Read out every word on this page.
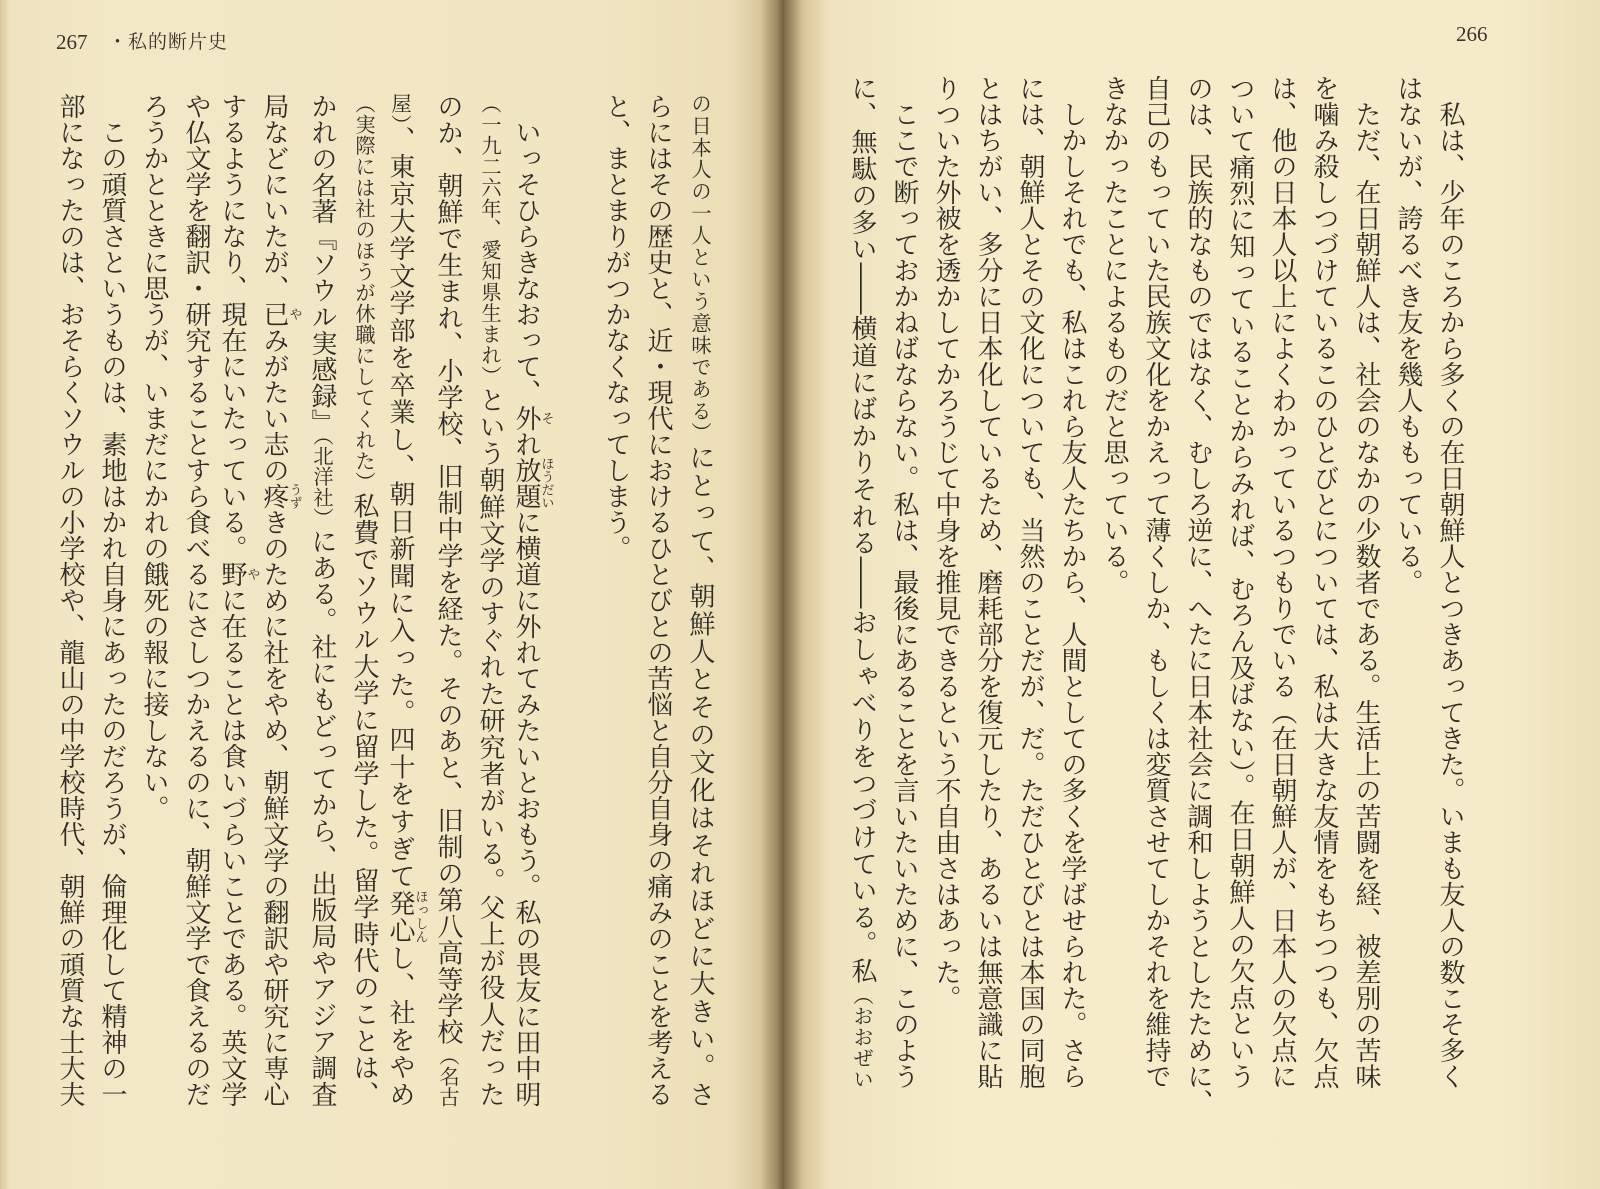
267 ・私的断片史	266
　私は、少年のころから多くの在日朝鮮人とつきあってきた。いまも友人の数こそ多く
はないが、誇るべき友を幾人ももっている。
　ただ、在日朝鮮人は、社会のなかの少数者である。生活上の苦闘を経、被差別の苦味
を噛み殺しつづけているこのひとびとについては、私は大きな友情をもちつつも、欠点
は、他の日本人以上によくわかっているつもりでいる（在日朝鮮人が、日本人の欠点に
ついて痛烈に知っていることからみれば、むろん及ばない）。在日朝鮮人の欠点という
のは、民族的なものではなく、むしろ逆に、へたに日本社会に調和しようとしたために、
自己のもっていた民族文化をかえって薄くしか、もしくは変質させてしかそれを維持で
きなかったことによるものだと思っている。
　しかしそれでも、私はこれら友人たちから、人間としての多くを学ばせられた。さら
には、朝鮮人とその文化についても、当然のことだが、だ。ただひとびとは本国の同胞
とはちがい、多分に日本化しているため、磨耗部分を復元したり、あるいは無意識に貼
りついた外被を透かしてかろうじて中身を推見できるという不自由さはあった。
　ここで断っておかねばならない。私は、最後にあることを言いたいために、このよう
に、無駄の多い――横道にばかりそれる――おしゃべりをつづけている。私（おおぜい
の日本人の一人という意味である）にとって、朝鮮人とその文化はそれほどに大きい。さ
らにはその歴史と、近・現代におけるひとびとの苦悩と自分自身の痛みのことを考える
と、まとまりがつかなくなってしまう。
　いっそひらきなおって、外それ放題ほうだいに横道に外れてみたいとおもう。私の畏友に田中明
（一九二六年、愛知県生まれ）という朝鮮文学のすぐれた研究者がいる。父上が役人だった
のか、朝鮮で生まれ、小学校、旧制中学を経た。そのあと、旧制の第八高等学校（名古
屋）、東京大学文学部を卒業し、朝日新聞に入った。四十をすぎて発心ほっしんし、社をやめ
（実際には社のほうが休職にしてくれた）私費でソウル大学に留学した。留学時代のことは、
かれの名著『ソウル実感録』（北洋社）にある。社にもどってから、出版局やアジア調査
局などにいたが、已やみがたい志の疼うずきのために社をやめ、朝鮮文学の翻訳や研究に専心
するようになり、現在にいたっている。野やに在ることは食いづらいことである。英文学
や仏文学を翻訳・研究することすら食べるにさしつかえるのに、朝鮮文学で食えるのだ
ろうかとときに思うが、いまだにかれの餓死の報に接しない。
　この頑質さというものは、素地はかれ自身にあったのだろうが、倫理化して精神の一
部になったのは、おそらくソウルの小学校や、龍山の中学校時代、朝鮮の頑質な士大夫
